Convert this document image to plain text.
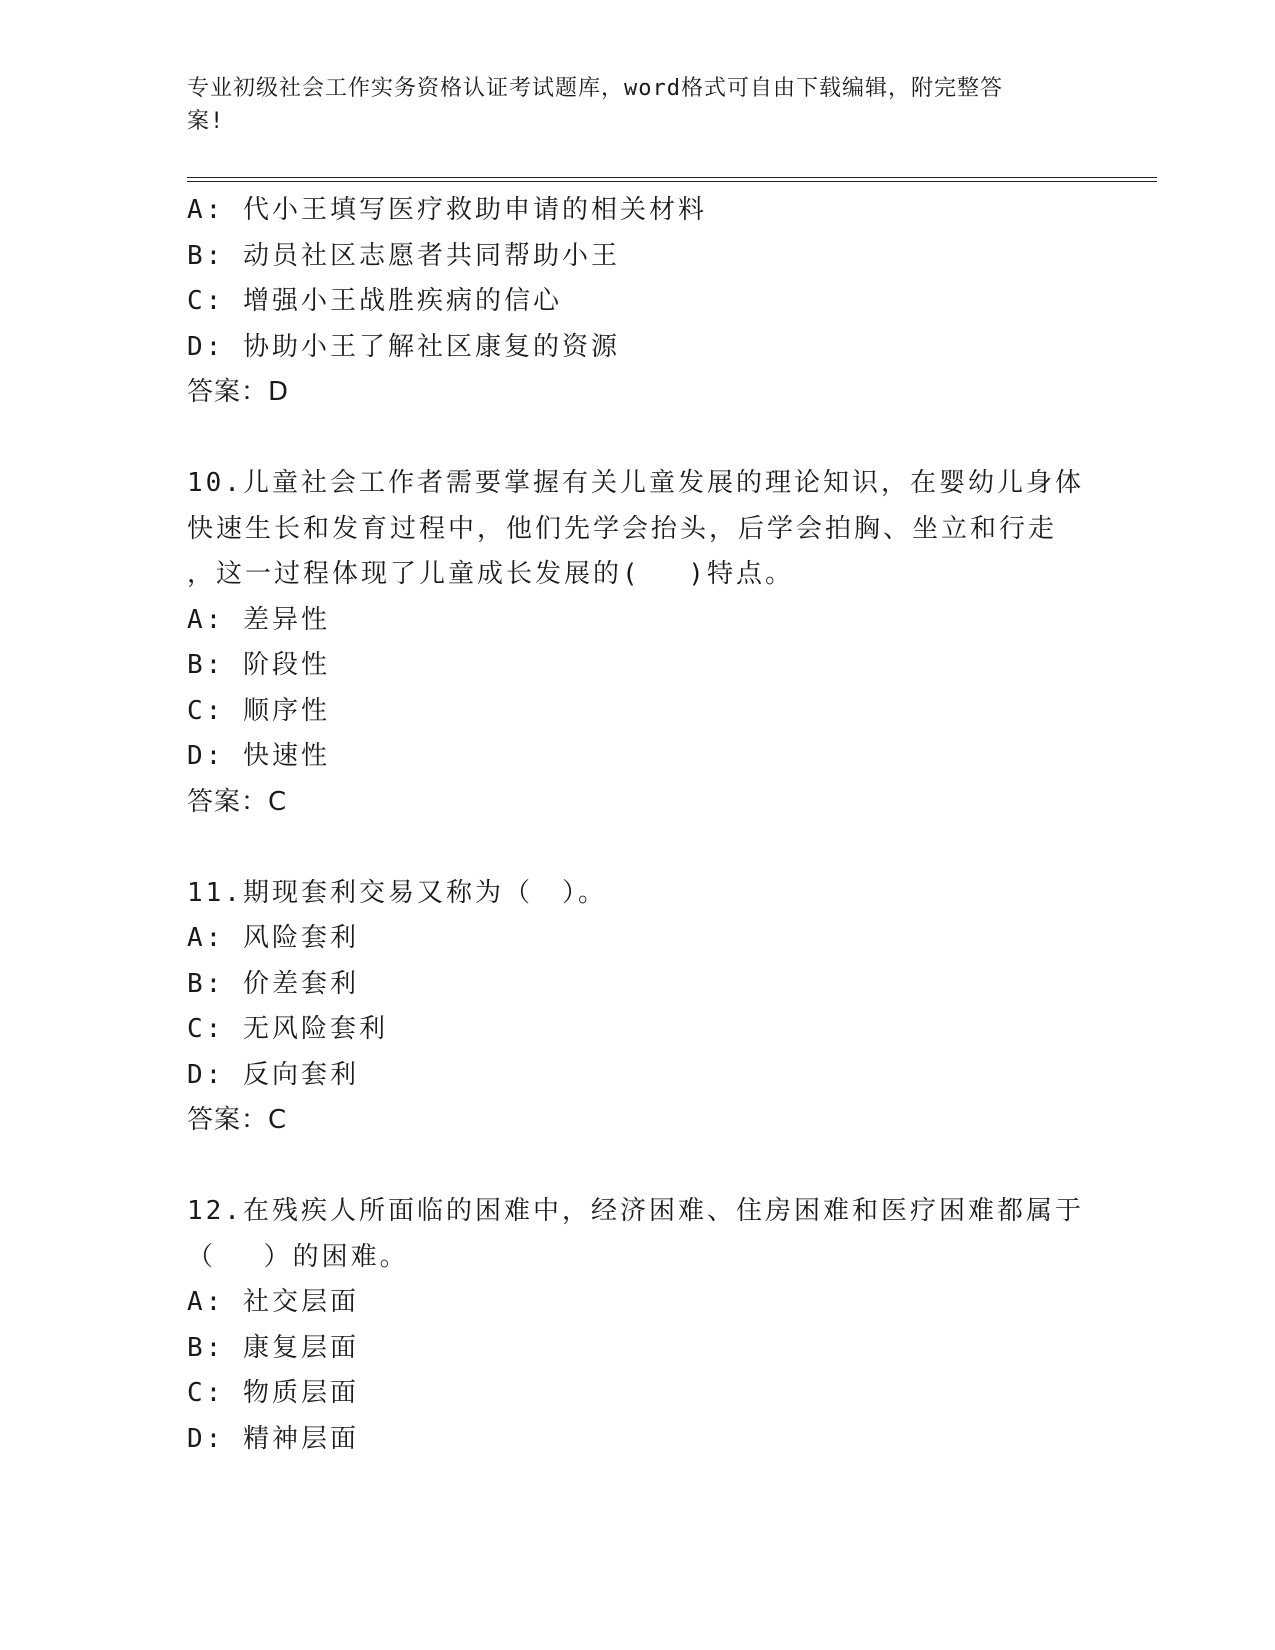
专业初级社会工作实务资格认证考试题库，word格式可自由下载编辑，附完整答
案!
A: 代小王填写医疗救助申请的相关材料
B: 动员社区志愿者共同帮助小王
C: 增强小王战胜疾病的信心
D: 协助小王了解社区康复的资源
答案：D
10.儿童社会工作者需要掌握有关儿童发展的理论知识，在婴幼儿身体
快速生长和发育过程中，他们先学会抬头，后学会拍胸、坐立和行走
，这一过程体现了儿童成长发展的(　 )特点。
A: 差异性
B: 阶段性
C: 顺序性
D: 快速性
答案：C
11.期现套利交易又称为（　）。
A: 风险套利
B: 价差套利
C: 无风险套利
D: 反向套利
答案：C
12.在残疾人所面临的困难中，经济困难、住房困难和医疗困难都属于
（　 ）的困难。
A: 社交层面
B: 康复层面
C: 物质层面
D: 精神层面
